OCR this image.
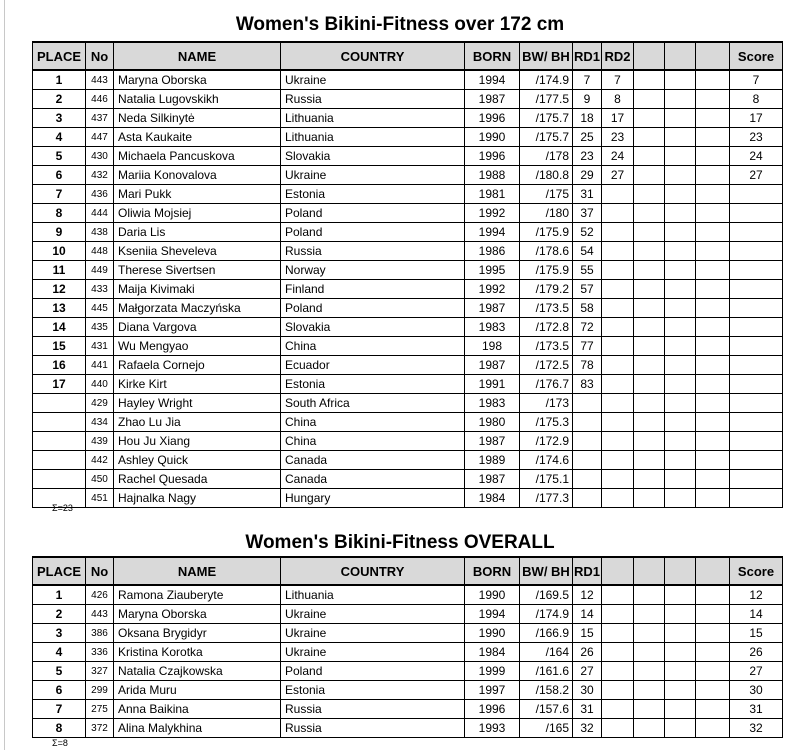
Women's Bikini-Fitness over 172 cm
PLACE	No	NAME	COUNTRY	BORN	BW/ BH	RD1	RD2				Score
1	443	Maryna Oborska	Ukraine	1994	/174.9	7	7				7
2	446	Natalia Lugovskikh	Russia	1987	/177.5	9	8				8
3	437	Neda Silkinytė	Lithuania	1996	/175.7	18	17				17
4	447	Asta Kaukaite	Lithuania	1990	/175.7	25	23				23
5	430	Michaela Pancuskova	Slovakia	1996	/178	23	24				24
6	432	Mariia Konovalova	Ukraine	1988	/180.8	29	27				27
7	436	Mari Pukk	Estonia	1981	/175	31					
8	444	Oliwia Mojsiej	Poland	1992	/180	37					
9	438	Daria Lis	Poland	1994	/175.9	52					
10	448	Kseniia Sheveleva	Russia	1986	/178.6	54					
11	449	Therese Sivertsen	Norway	1995	/175.9	55					
12	433	Maija Kivimaki	Finland	1992	/179.2	57					
13	445	Małgorzata Maczyńska	Poland	1987	/173.5	58					
14	435	Diana Vargova	Slovakia	1983	/172.8	72					
15	431	Wu Mengyao	China	198	/173.5	77					
16	441	Rafaela Cornejo	Ecuador	1987	/172.5	78					
17	440	Kirke Kirt	Estonia	1991	/176.7	83					
	429	Hayley Wright	South Africa	1983	/173						
	434	Zhao Lu Jia	China	1980	/175.3						
	439	Hou Ju Xiang	China	1987	/172.9						
	442	Ashley Quick	Canada	1989	/174.6						
	450	Rachel Quesada	Canada	1987	/175.1						
	451	Hajnalka Nagy	Hungary	1984	/177.3						
Σ=23
Women's Bikini-Fitness OVERALL
PLACE	No	NAME	COUNTRY	BORN	BW/ BH	RD1					Score
1	426	Ramona Ziauberyte	Lithuania	1990	/169.5	12					12
2	443	Maryna Oborska	Ukraine	1994	/174.9	14					14
3	386	Oksana Brygidyr	Ukraine	1990	/166.9	15					15
4	336	Kristina Korotka	Ukraine	1984	/164	26					26
5	327	Natalia Czajkowska	Poland	1999	/161.6	27					27
6	299	Arida Muru	Estonia	1997	/158.2	30					30
7	275	Anna Baikina	Russia	1996	/157.6	31					31
8	372	Alina Malykhina	Russia	1993	/165	32					32
Σ=8
